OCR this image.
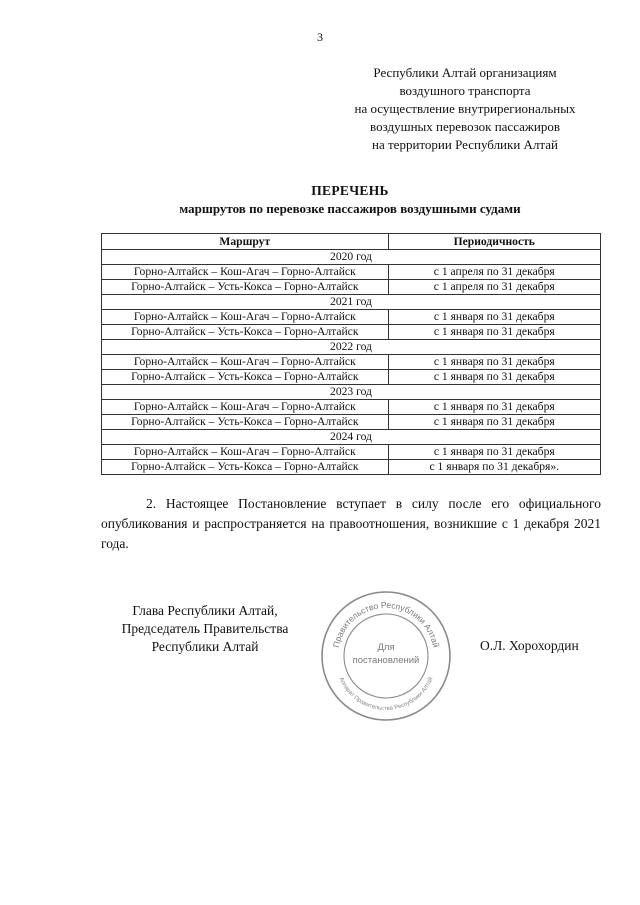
3
Республики Алтай организациям
воздушного транспорта
на осуществление внутрирегиональных
воздушных перевозок пассажиров
на территории Республики Алтай
ПЕРЕЧЕНЬ
маршрутов по перевозке пассажиров воздушными судами
Маршрут	Периодичность
2020 год	
Горно-Алтайск – Кош-Агач – Горно-Алтайск	с 1 апреля по 31 декабря
Горно-Алтайск – Усть-Кокса – Горно-Алтайск	с 1 апреля по 31 декабря
2021 год	
Горно-Алтайск – Кош-Агач – Горно-Алтайск	с 1 января по 31 декабря
Горно-Алтайск – Усть-Кокса – Горно-Алтайск	с 1 января по 31 декабря
2022 год	
Горно-Алтайск – Кош-Агач – Горно-Алтайск	с 1 января по 31 декабря
Горно-Алтайск – Усть-Кокса – Горно-Алтайск	с 1 января по 31 декабря
2023 год	
Горно-Алтайск – Кош-Агач – Горно-Алтайск	с 1 января по 31 декабря
Горно-Алтайск – Усть-Кокса – Горно-Алтайск	с 1 января по 31 декабря
2024 год	
Горно-Алтайск – Кош-Агач – Горно-Алтайск	с 1 января по 31 декабря
Горно-Алтайск – Усть-Кокса – Горно-Алтайск	с 1 января по 31 декабря».
2. Настоящее Постановление вступает в силу после его официального опубликования и распространяется на правоотношения, возникшие с 1 декабря 2021 года.
Глава Республики Алтай,
Председатель Правительства
Республики Алтай	О.Л. Хорохордин
Правительство Республики Алтай
Аппарат Правительства Республики Алтай
Для
постановлений
